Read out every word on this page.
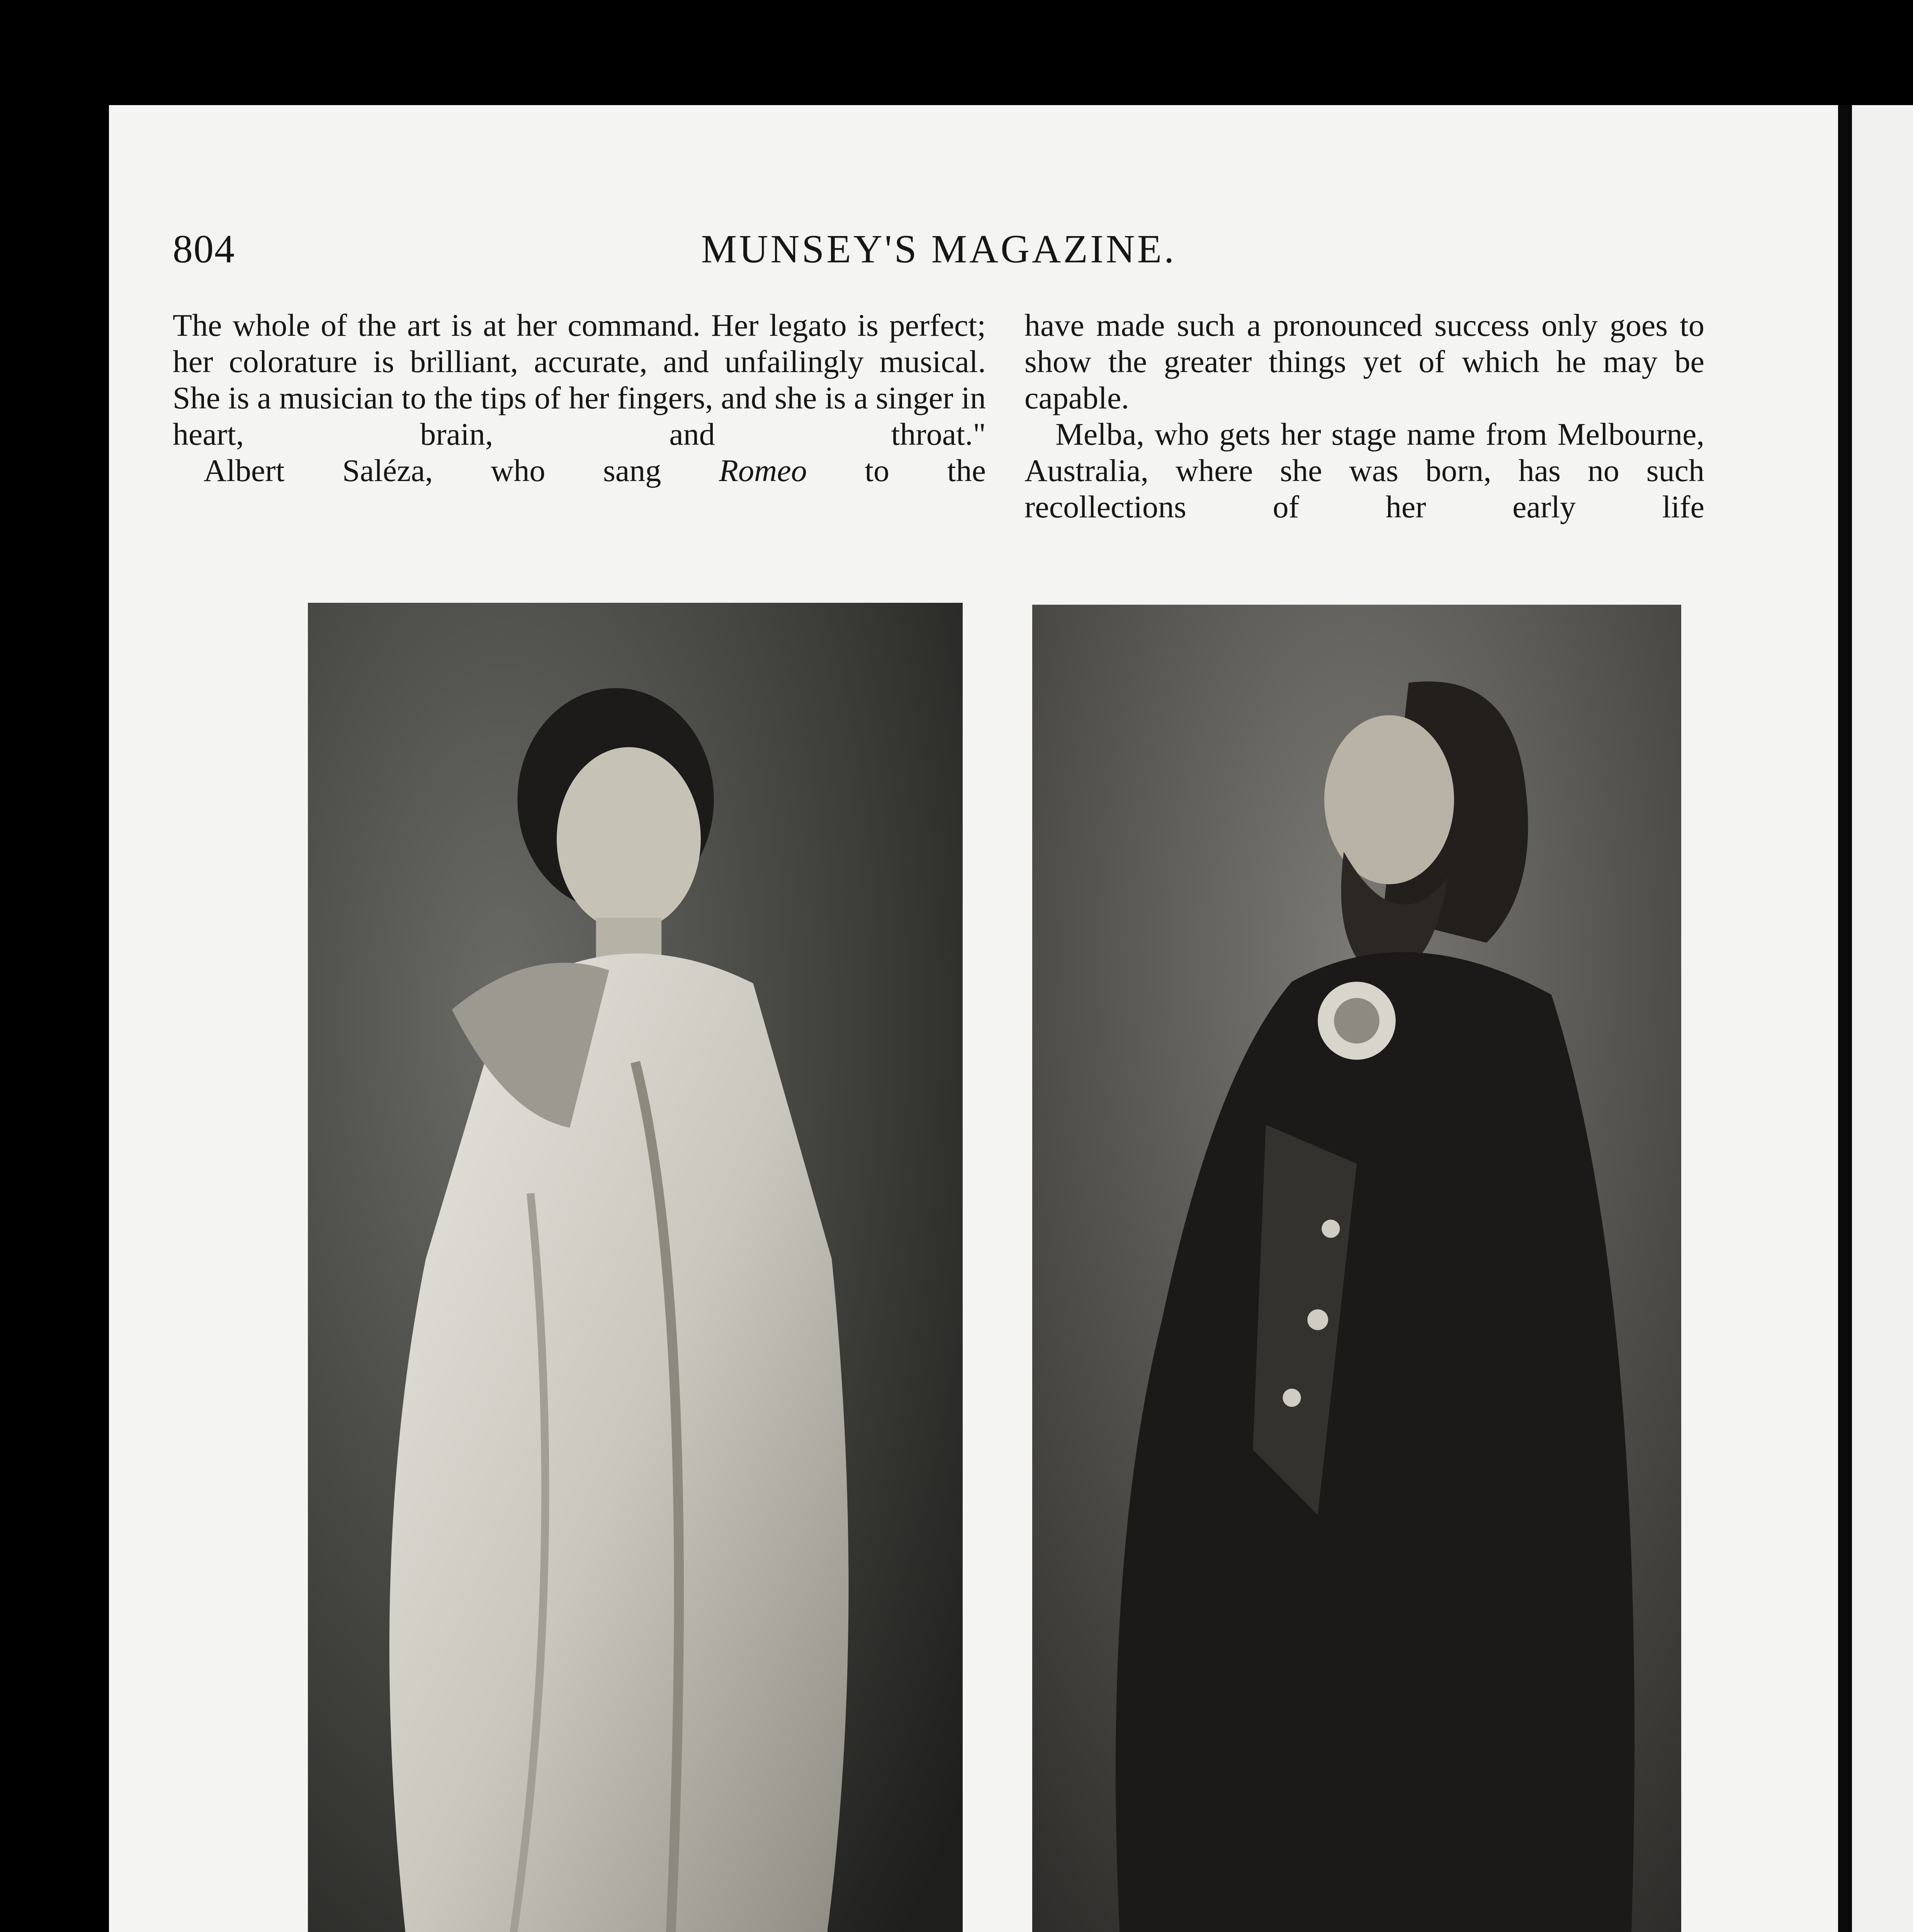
804	MUNSEY'S MAGAZINE.

The whole of the art is at her command. Her legato is perfect; her colorature is brilliant, accurate, and unfailingly musical. She is a musician to the tips of her fingers, and she is a singer in heart, brain, and throat."

Albert Saléza, who sang Romeo to the

have made such a pronounced success only goes to show the greater things yet of which he may be capable.

Melba, who gets her stage name from Melbourne, Australia, where she was born, has no such recollections of her early life
